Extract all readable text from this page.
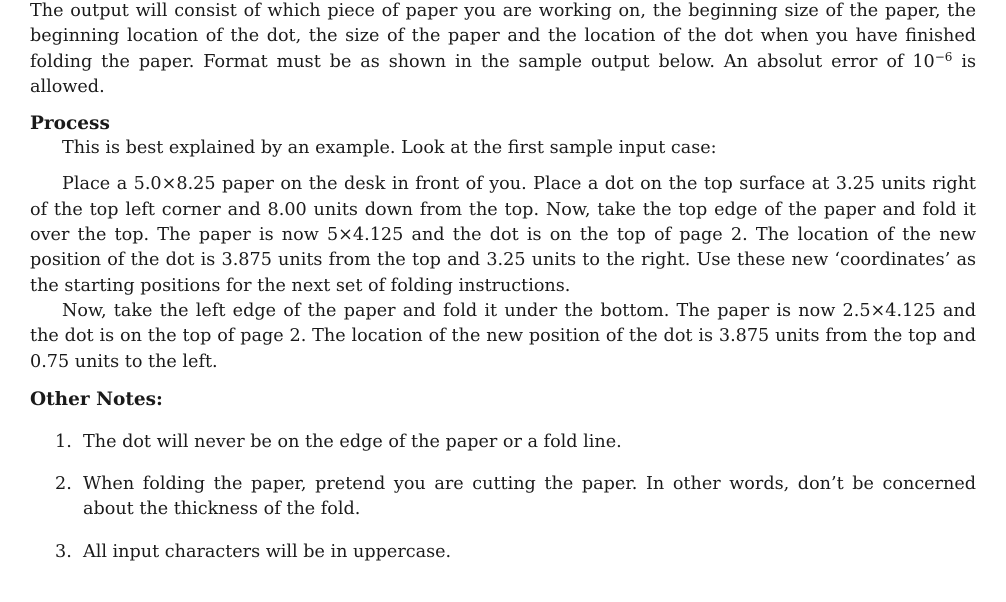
The output will consist of which piece of paper you are working on, the beginning size of the paper, the beginning location of the dot, the size of the paper and the location of the dot when you have finished folding the paper. Format must be as shown in the sample output below. An absolut error of $10^{-6}$ is allowed.

Process

This is best explained by an example. Look at the first sample input case:

Place a 5.0×8.25 paper on the desk in front of you. Place a dot on the top surface at 3.25 units right of the top left corner and 8.00 units down from the top. Now, take the top edge of the paper and fold it over the top. The paper is now 5×4.125 and the dot is on the top of page 2. The location of the new position of the dot is 3.875 units from the top and 3.25 units to the right. Use these new ‘coordinates’ as the starting positions for the next set of folding instructions.

Now, take the left edge of the paper and fold it under the bottom. The paper is now 2.5×4.125 and the dot is on the top of page 2. The location of the new position of the dot is 3.875 units from the top and 0.75 units to the left.

Other Notes:
1. The dot will never be on the edge of the paper or a fold line.
2. When folding the paper, pretend you are cutting the paper. In other words, don’t be concerned about the thickness of the fold.
3. All input characters will be in uppercase.
